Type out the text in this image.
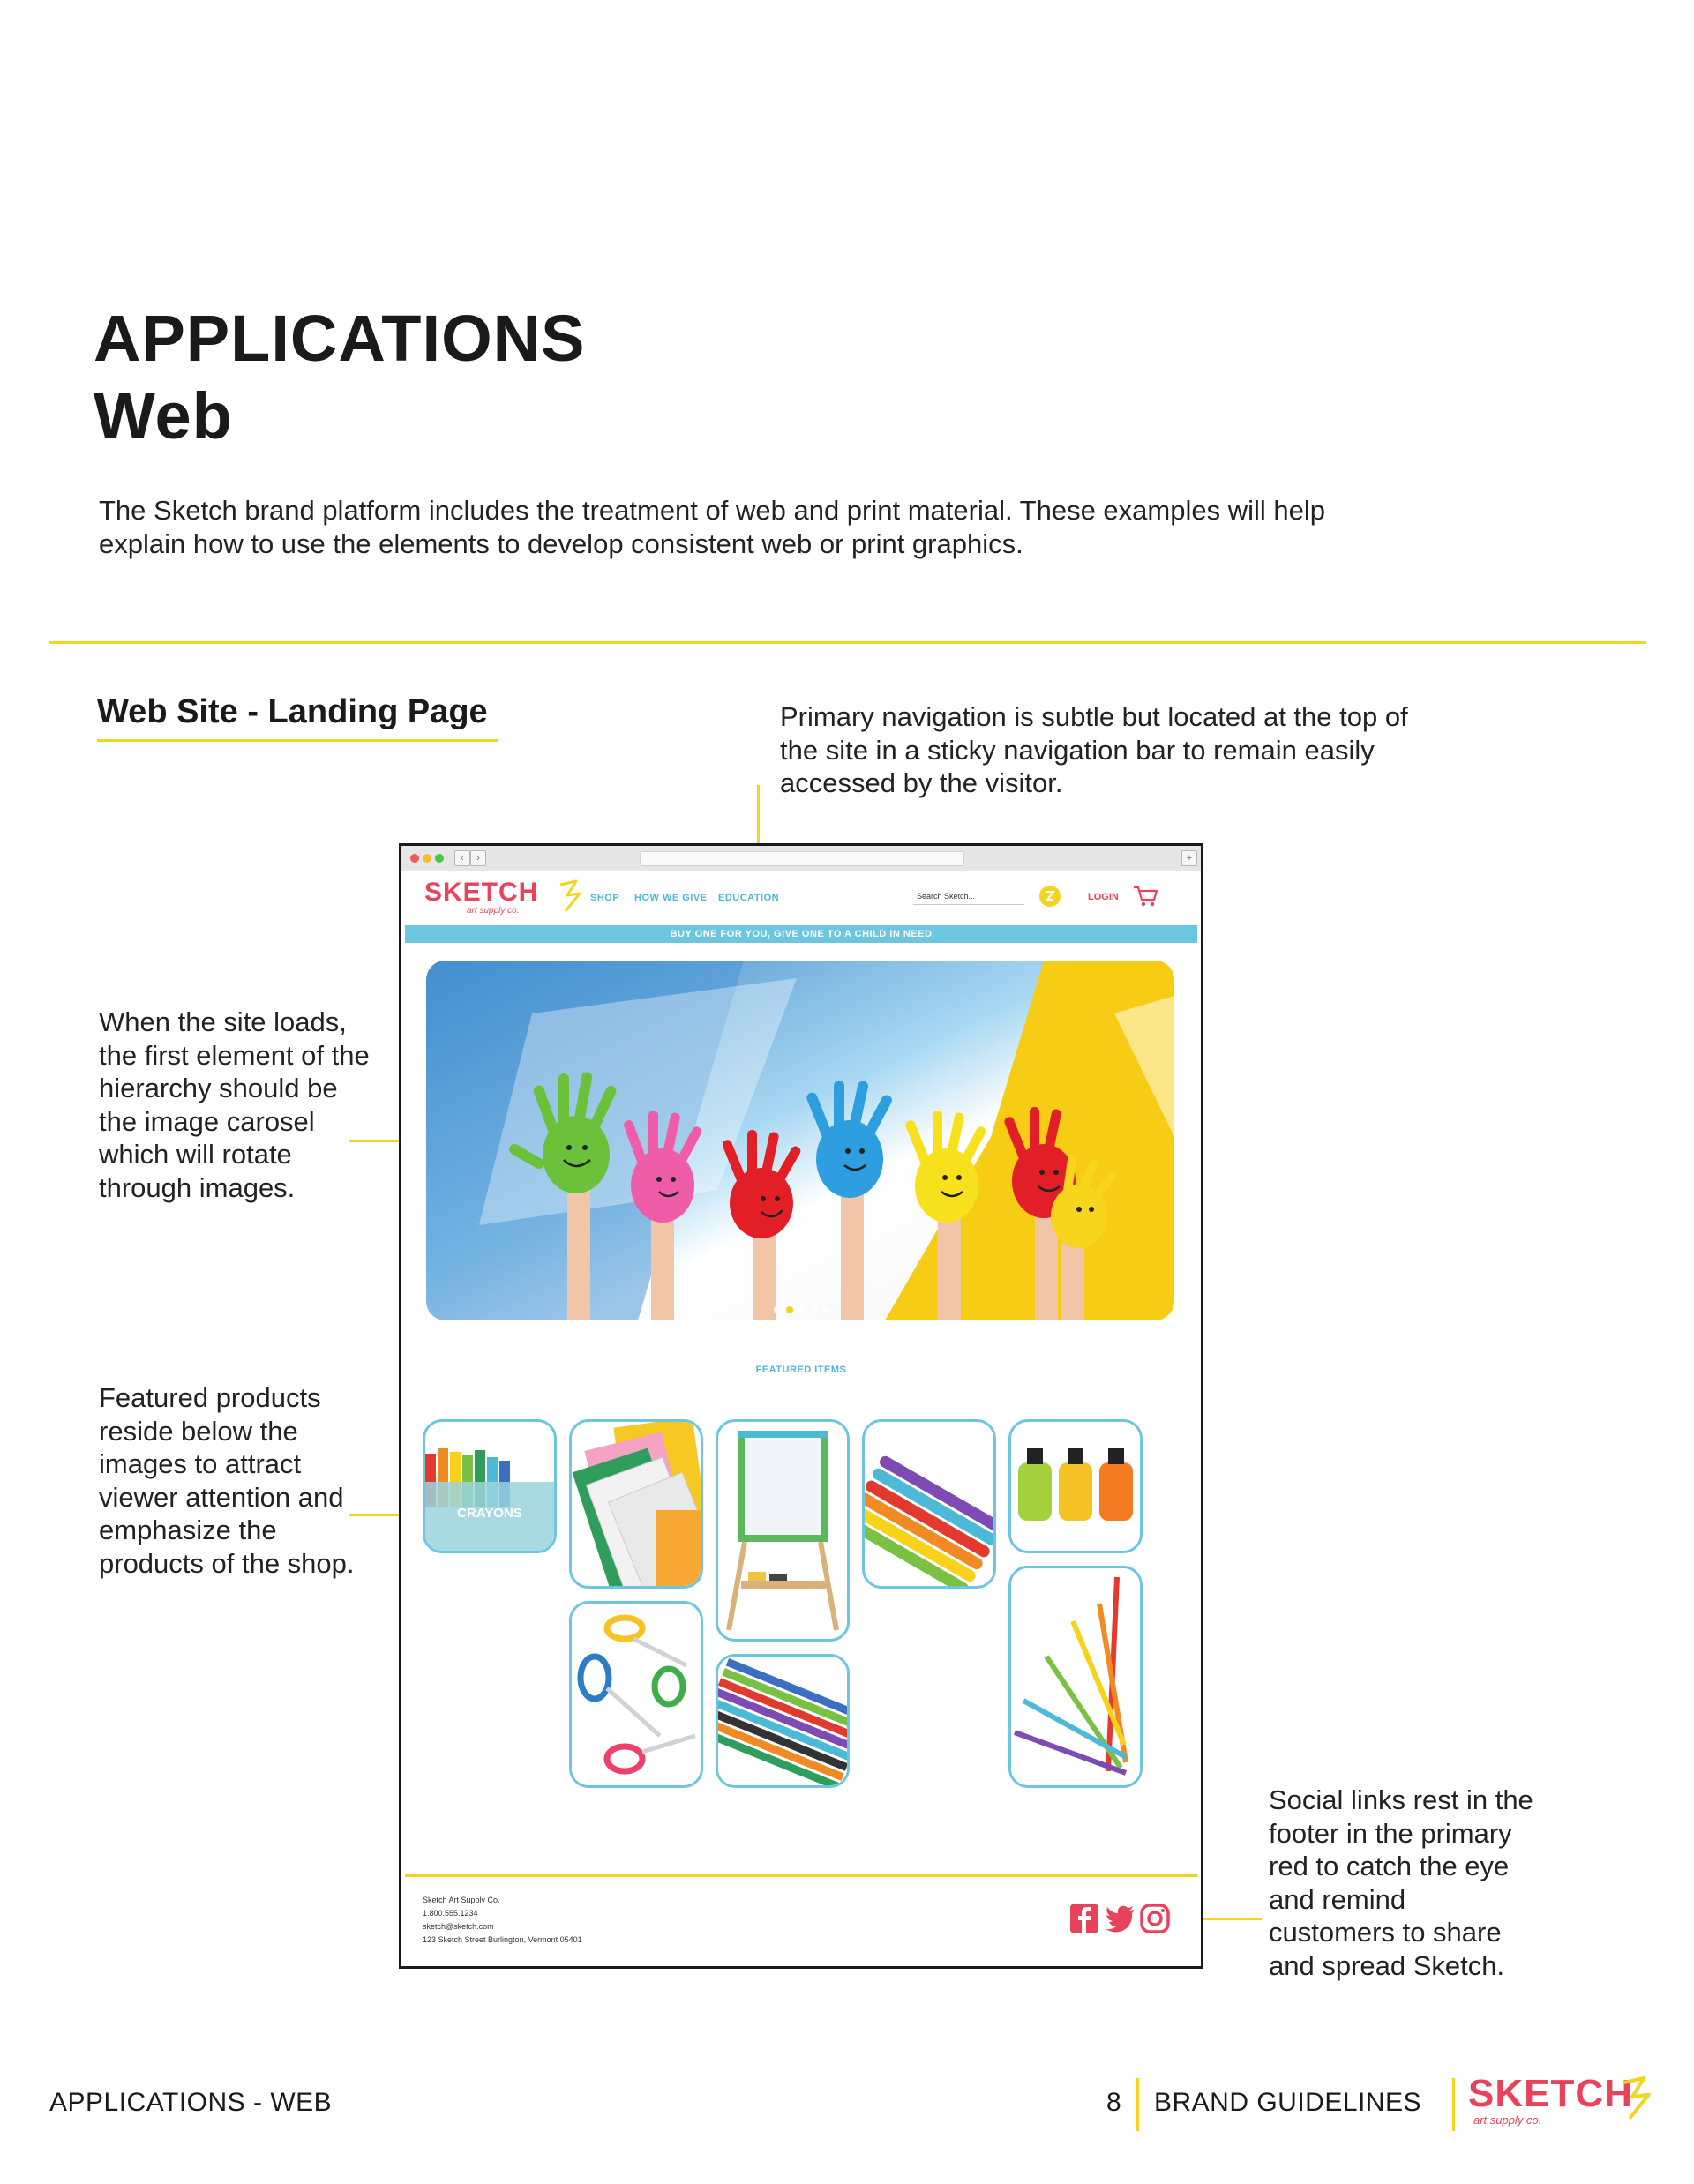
APPLICATIONS
Web
The Sketch brand platform includes the treatment of web and print material. These examples will help explain how to use the elements to develop consistent web or print graphics.
Web Site - Landing Page	Primary navigation is subtle but located at the top of the site in a sticky navigation bar to remain easily accessed by the visitor.
When the site loads, the first element of the hierarchy should be the image carosel which will rotate through images.
Featured products reside below the images to attract viewer attention and emphasize the products of the shop.
Social links rest in the footer in the primary red to catch the eye and remind customers to share and spread Sketch.
‹	›	+
SKETCH
art supply co.
SHOP HOW WE GIVE EDUCATION	Search Sketch...	LOGIN
BUY ONE FOR YOU, GIVE ONE TO A CHILD IN NEED
FEATURED ITEMS
CRAYONS
Sketch Art Supply Co.
1.800.555.1234
sketch@sketch.com
123 Sketch Street Burlington, Vermont 05401
APPLICATIONS - WEB	8 BRAND GUIDELINES SKETCH
art supply co.
